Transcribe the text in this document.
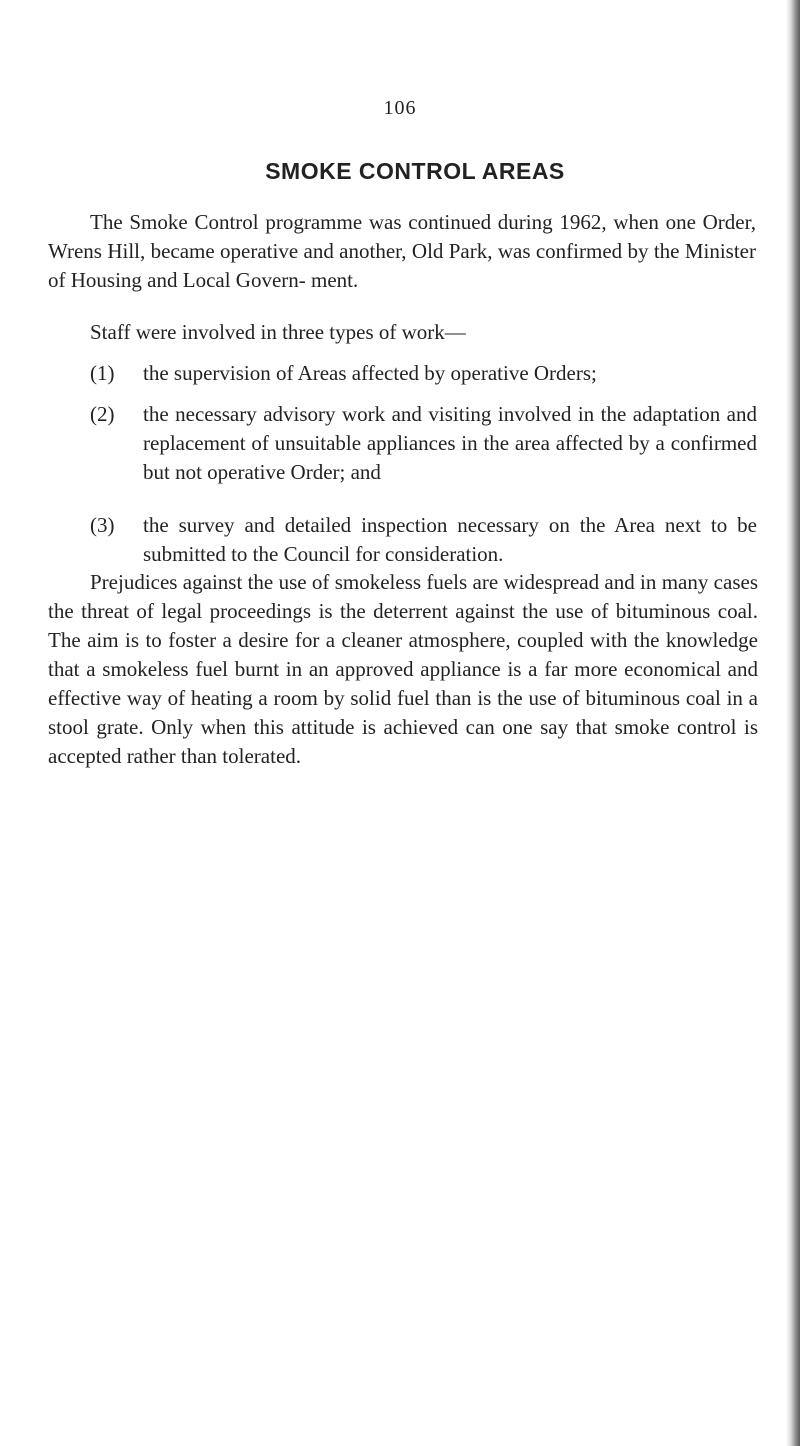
106
SMOKE CONTROL AREAS

The Smoke Control programme was continued during 1962, when one Order, Wrens Hill, became operative and another, Old Park, was confirmed by the Minister of Housing and Local Govern- ment.

Staff were involved in three types of work—

(1)	the supervision of Areas affected by operative Orders;
(2)	the necessary advisory work and visiting involved in the adaptation and replacement of unsuitable appliances in the area affected by a confirmed but not operative Order; and
(3)	the survey and detailed inspection necessary on the Area next to be submitted to the Council for consideration.

Prejudices against the use of smokeless fuels are widespread and in many cases the threat of legal proceedings is the deterrent against the use of bituminous coal. The aim is to foster a desire for a cleaner atmosphere, coupled with the knowledge that a smokeless fuel burnt in an approved appliance is a far more economical and effective way of heating a room by solid fuel than is the use of bituminous coal in a stool grate. Only when this attitude is achieved can one say that smoke control is accepted rather than tolerated.
